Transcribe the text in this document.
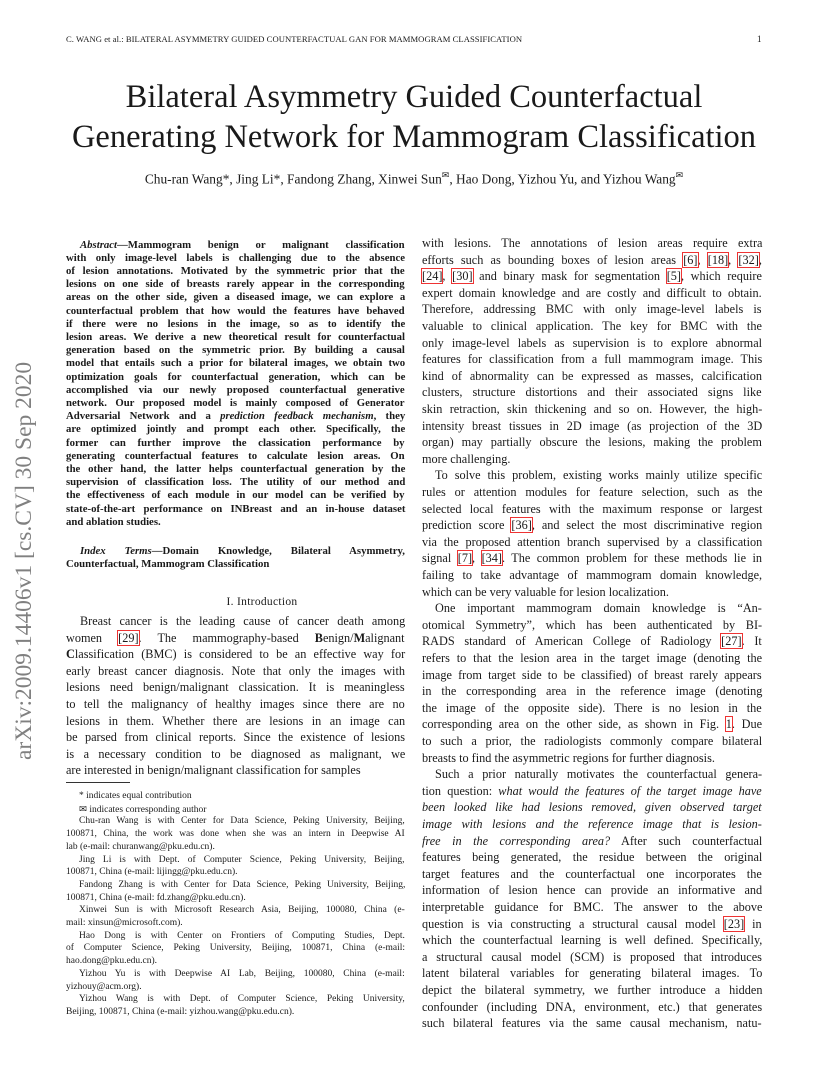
C. WANG et al.: BILATERAL ASYMMETRY GUIDED COUNTERFACTUAL GAN FOR MAMMOGRAM CLASSIFICATION	1
Bilateral Asymmetry Guided Counterfactual
Generating Network for Mammogram Classification
Chu-ran Wang*, Jing Li*, Fandong Zhang, Xinwei Sun✉, Hao Dong, Yizhou Yu, and Yizhou Wang✉
arXiv:2009.14406v1 [cs.CV] 30 Sep 2020
Abstract—Mammogram benign or malignant classification
with only image-level labels is challenging due to the absence
of lesion annotations. Motivated by the symmetric prior that the
lesions on one side of breasts rarely appear in the corresponding
areas on the other side, given a diseased image, we can explore a
counterfactual problem that how would the features have behaved
if there were no lesions in the image, so as to identify the
lesion areas. We derive a new theoretical result for counterfactual
generation based on the symmetric prior. By building a causal
model that entails such a prior for bilateral images, we obtain two
optimization goals for counterfactual generation, which can be
accomplished via our newly proposed counterfactual generative
network. Our proposed model is mainly composed of Generator
Adversarial Network and a prediction feedback mechanism, they
are optimized jointly and prompt each other. Specifically, the
former can further improve the classication performance by
generating counterfactual features to calculate lesion areas. On
the other hand, the latter helps counterfactual generation by the
supervision of classification loss. The utility of our method and
the effectiveness of each module in our model can be verified by
state-of-the-art performance on INBreast and an in-house dataset
and ablation studies.
Index Terms—Domain Knowledge, Bilateral Asymmetry,
Counterfactual, Mammogram Classification
I. Introduction
Breast cancer is the leading cause of cancer death among
women [29]. The mammography-based Benign/Malignant
Classification (BMC) is considered to be an effective way for
early breast cancer diagnosis. Note that only the images with
lesions need benign/malignant classication. It is meaningless
to tell the malignancy of healthy images since there are no
lesions in them. Whether there are lesions in an image can
be parsed from clinical reports. Since the existence of lesions
is a necessary condition to be diagnosed as malignant, we
are interested in benign/malignant classification for samples
* indicates equal contribution
✉ indicates corresponding author
Chu-ran Wang is with Center for Data Science, Peking University, Beijing,
100871, China, the work was done when she was an intern in Deepwise AI
lab (e-mail: churanwang@pku.edu.cn).
Jing Li is with Dept. of Computer Science, Peking University, Beijing,
100871, China (e-mail: lijingg@pku.edu.cn).
Fandong Zhang is with Center for Data Science, Peking University, Beijing,
100871, China (e-mail: fd.zhang@pku.edu.cn).
Xinwei Sun is with Microsoft Research Asia, Beijing, 100080, China (e-
mail: xinsun@microsoft.com).
Hao Dong is with Center on Frontiers of Computing Studies, Dept.
of Computer Science, Peking University, Beijing, 100871, China (e-mail:
hao.dong@pku.edu.cn).
Yizhou Yu is with Deepwise AI Lab, Beijing, 100080, China (e-mail:
yizhouy@acm.org).
Yizhou Wang is with Dept. of Computer Science, Peking University,
Beijing, 100871, China (e-mail: yizhou.wang@pku.edu.cn).
with lesions. The annotations of lesion areas require extra
efforts such as bounding boxes of lesion areas [6], [18], [32],
[24], [30] and binary mask for segmentation [5], which require
expert domain knowledge and are costly and difficult to obtain.
Therefore, addressing BMC with only image-level labels is
valuable to clinical application. The key for BMC with the
only image-level labels as supervision is to explore abnormal
features for classification from a full mammogram image. This
kind of abnormality can be expressed as masses, calcification
clusters, structure distortions and their associated signs like
skin retraction, skin thickening and so on. However, the high-
intensity breast tissues in 2D image (as projection of the 3D
organ) may partially obscure the lesions, making the problem
more challenging.
To solve this problem, existing works mainly utilize specific
rules or attention modules for feature selection, such as the
selected local features with the maximum response or largest
prediction score [36], and select the most discriminative region
via the proposed attention branch supervised by a classification
signal [7], [34]. The common problem for these methods lie in
failing to take advantage of mammogram domain knowledge,
which can be very valuable for lesion localization.
One important mammogram domain knowledge is “An-
otomical Symmetry”, which has been authenticated by BI-
RADS standard of American College of Radiology [27]. It
refers to that the lesion area in the target image (denoting the
image from target side to be classified) of breast rarely appears
in the corresponding area in the reference image (denoting
the image of the opposite side). There is no lesion in the
corresponding area on the other side, as shown in Fig. 1. Due
to such a prior, the radiologists commonly compare bilateral
breasts to find the asymmetric regions for further diagnosis.
Such a prior naturally motivates the counterfactual genera-
tion question: what would the features of the target image have
been looked like had lesions removed, given observed target
image with lesions and the reference image that is lesion-
free in the corresponding area? After such counterfactual
features being generated, the residue between the original
target features and the counterfactual one incorporates the
information of lesion hence can provide an informative and
interpretable guidance for BMC. The answer to the above
question is via constructing a structural causal model [23] in
which the counterfactual learning is well defined. Specifically,
a structural causal model (SCM) is proposed that introduces
latent bilateral variables for generating bilateral images. To
depict the bilateral symmetry, we further introduce a hidden
confounder (including DNA, environment, etc.) that generates
such bilateral features via the same causal mechanism, natu-
